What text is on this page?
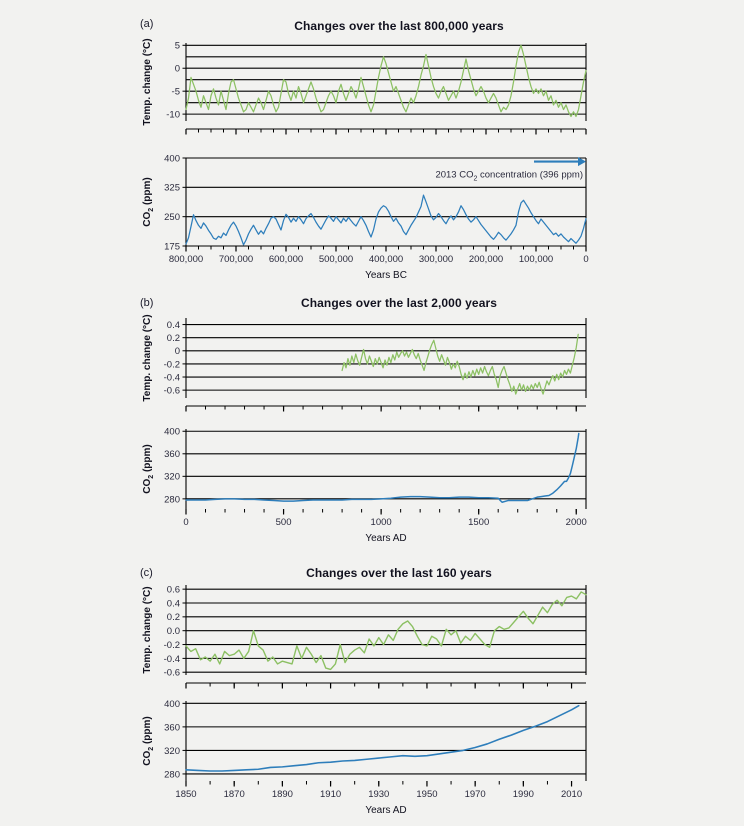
(a)	Changes over the last 800,000 years
5
0
-5
-10
Temp. change (°C)
400
325
250
175
800,000 700,000 600,000 500,000 400,000 300,000 200,000 100,000	0
$CO_2$ (ppm)
Years BC
2013 $CO_2$ concentration (396 ppm)
(b)	Changes over the last 2,000 years
0.4
0.2
0
-0.2
-0.4
-0.6
Temp. change (°C)
400
360
320
280
0	500	1000	1500	2000
$CO_2$ (ppm)
Years AD
(c)	Changes over the last 160 years
0.6
0.4
0.2
0.0
-0.2
-0.4
-0.6
Temp. change (°C)
400
360
320
280
1850	1870	1890	1910	1930	1950	1970	1990	2010
$CO_2$ (ppm)
Years AD
